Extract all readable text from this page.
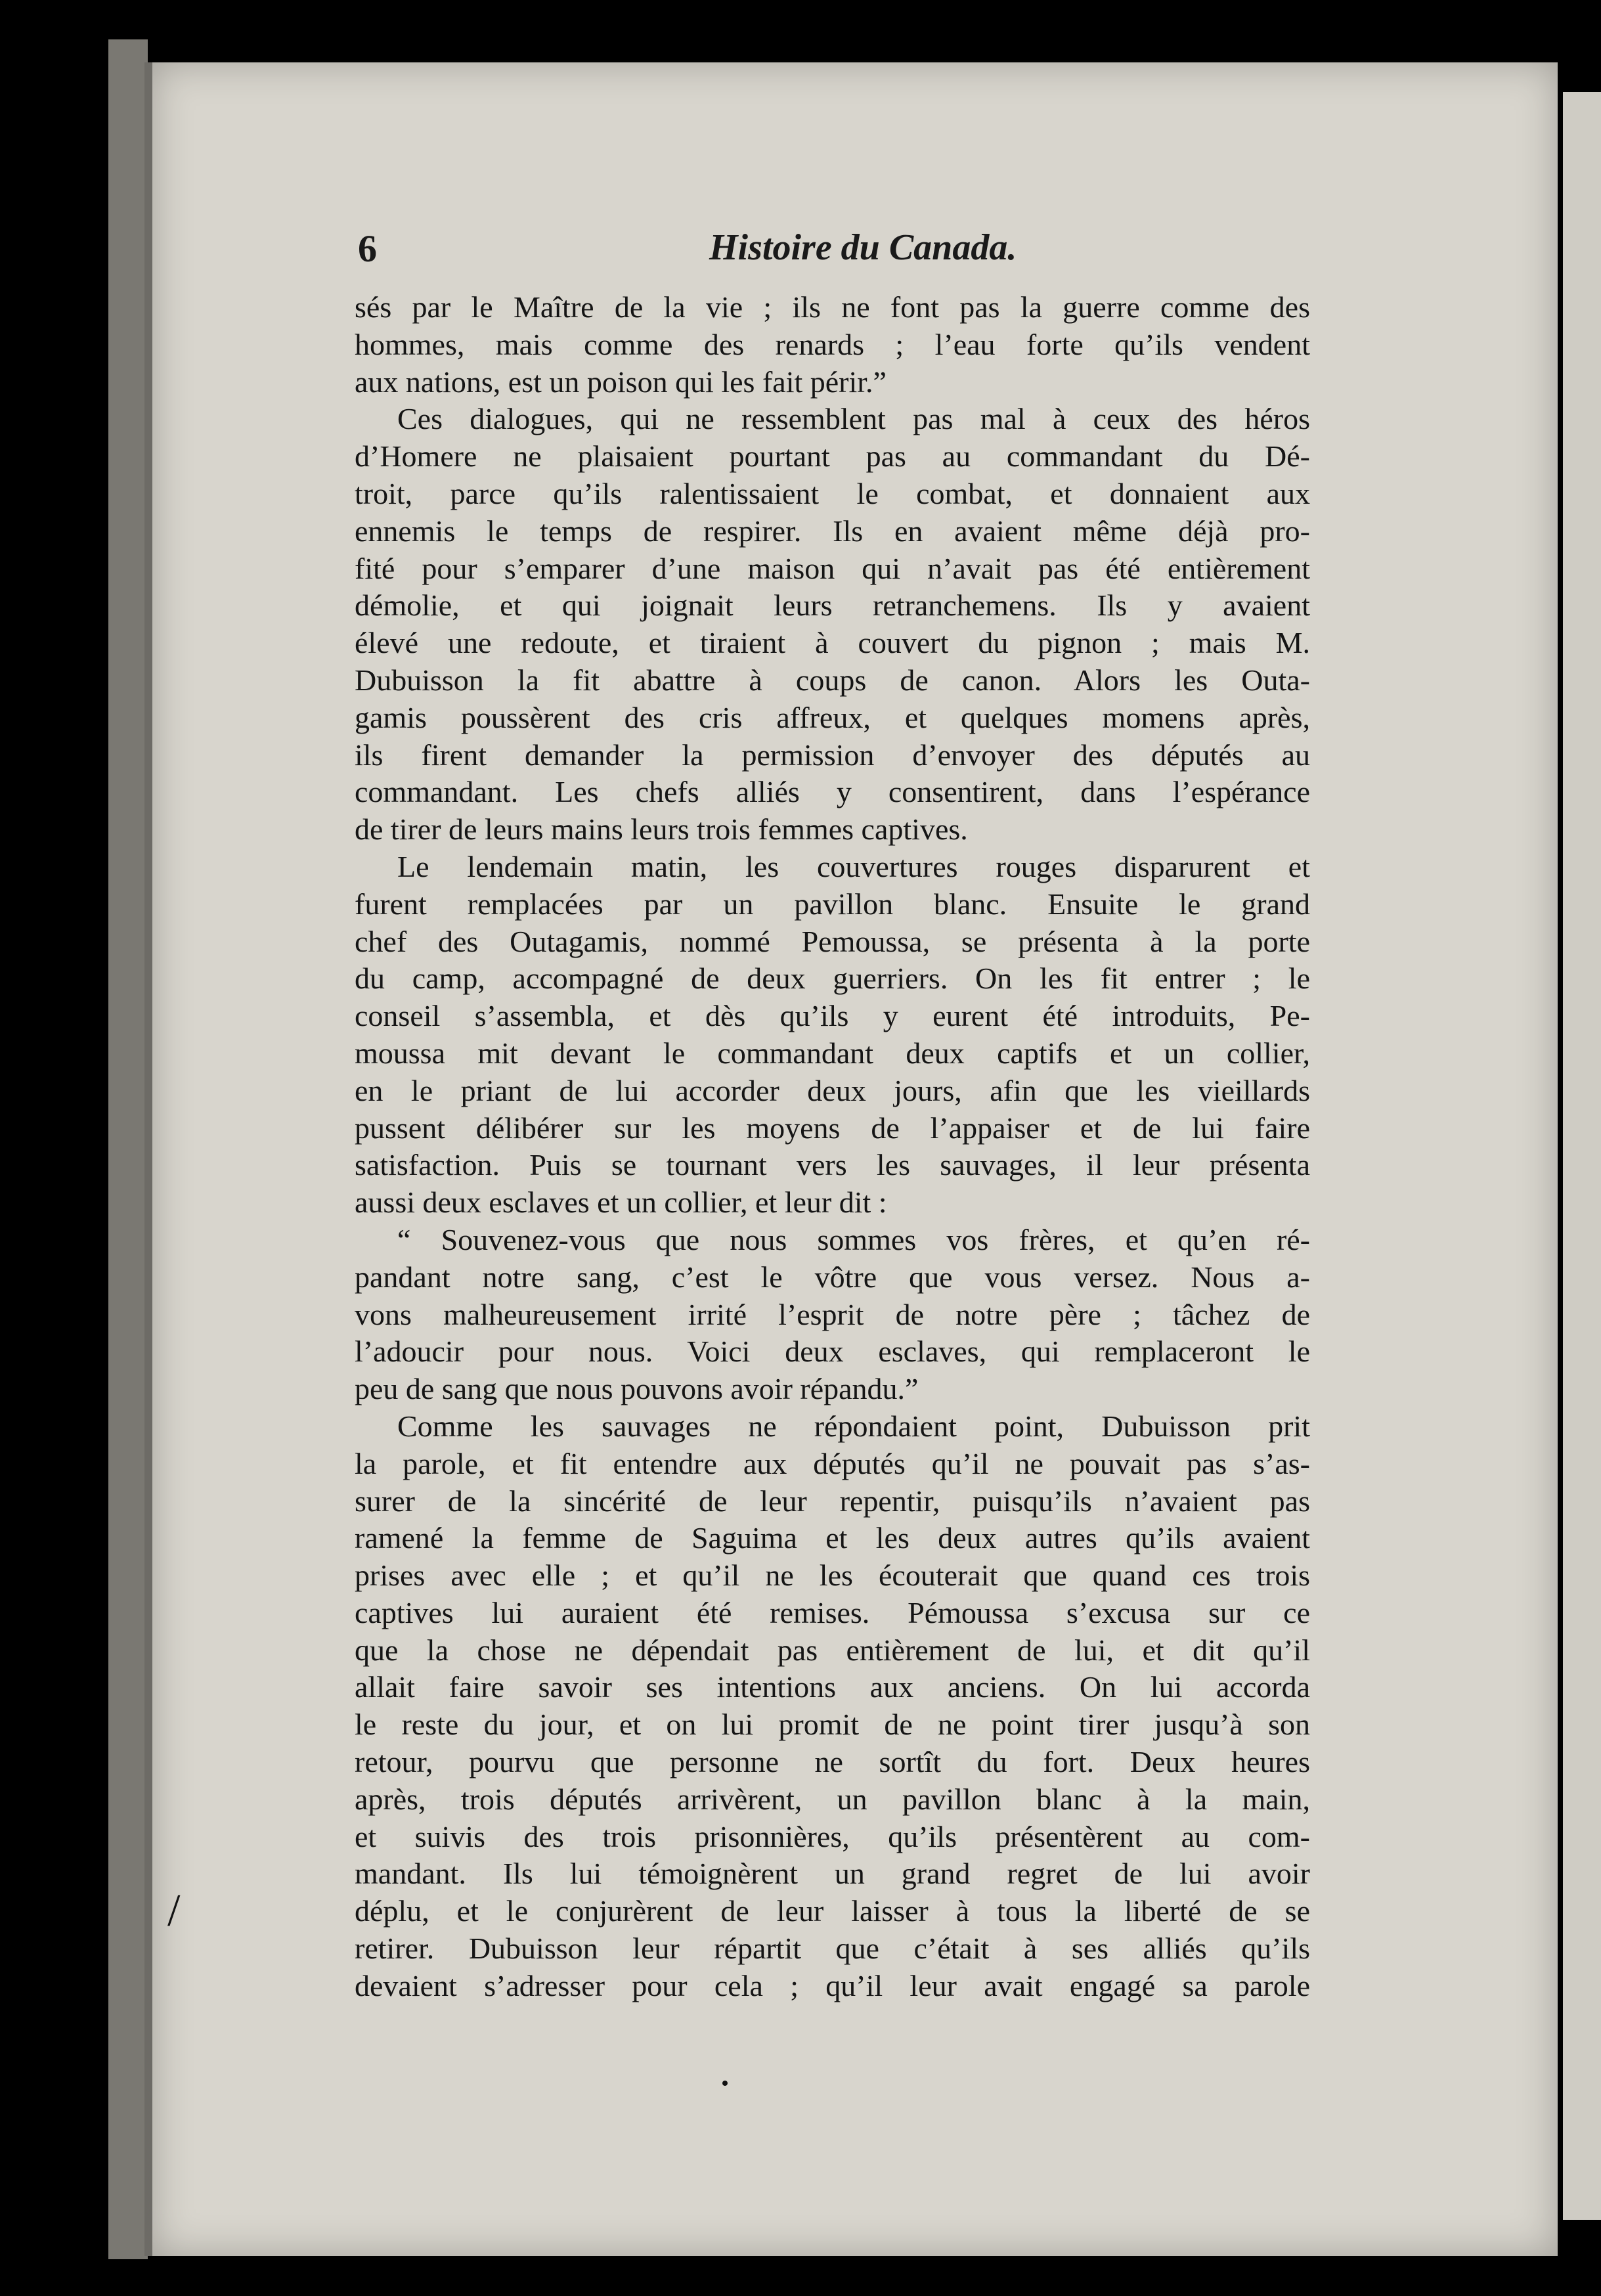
6	Histoire du Canada.
sés par le Maître de la vie ; ils ne font pas la guerre comme des
hommes, mais comme des renards ; l’eau forte qu’ils vendent
aux nations, est un poison qui les fait périr.”
Ces dialogues, qui ne ressemblent pas mal à ceux des héros
d’Homere ne plaisaient pourtant pas au commandant du Dé-
troit, parce qu’ils ralentissaient le combat, et donnaient aux
ennemis le temps de respirer. Ils en avaient même déjà pro-
fité pour s’emparer d’une maison qui n’avait pas été entièrement
démolie, et qui joignait leurs retranchemens. Ils y avaient
élevé une redoute, et tiraient à couvert du pignon ; mais M.
Dubuisson la fit abattre à coups de canon. Alors les Outa-
gamis poussèrent des cris affreux, et quelques momens après,
ils firent demander la permission d’envoyer des députés au
commandant. Les chefs alliés y consentirent, dans l’espérance
de tirer de leurs mains leurs trois femmes captives.
Le lendemain matin, les couvertures rouges disparurent et
furent remplacées par un pavillon blanc. Ensuite le grand
chef des Outagamis, nommé Pemoussa, se présenta à la porte
du camp, accompagné de deux guerriers. On les fit entrer ; le
conseil s’assembla, et dès qu’ils y eurent été introduits, Pe-
moussa mit devant le commandant deux captifs et un collier,
en le priant de lui accorder deux jours, afin que les vieillards
pussent délibérer sur les moyens de l’appaiser et de lui faire
satisfaction. Puis se tournant vers les sauvages, il leur présenta
aussi deux esclaves et un collier, et leur dit :
“ Souvenez-vous que nous sommes vos frères, et qu’en ré-
pandant notre sang, c’est le vôtre que vous versez. Nous a-
vons malheureusement irrité l’esprit de notre père ; tâchez de
l’adoucir pour nous. Voici deux esclaves, qui remplaceront le
peu de sang que nous pouvons avoir répandu.”
Comme les sauvages ne répondaient point, Dubuisson prit
la parole, et fit entendre aux députés qu’il ne pouvait pas s’as-
surer de la sincérité de leur repentir, puisqu’ils n’avaient pas
ramené la femme de Saguima et les deux autres qu’ils avaient
prises avec elle ; et qu’il ne les écouterait que quand ces trois
captives lui auraient été remises. Pémoussa s’excusa sur ce
que la chose ne dépendait pas entièrement de lui, et dit qu’il
allait faire savoir ses intentions aux anciens. On lui accorda
le reste du jour, et on lui promit de ne point tirer jusqu’à son
retour, pourvu que personne ne sortît du fort. Deux heures
après, trois députés arrivèrent, un pavillon blanc à la main,
et suivis des trois prisonnières, qu’ils présentèrent au com-
mandant. Ils lui témoignèrent un grand regret de lui avoir
déplu, et le conjurèrent de leur laisser à tous la liberté de se
retirer. Dubuisson leur répartit que c’était à ses alliés qu’ils
devaient s’adresser pour cela ; qu’il leur avait engagé sa parole
/
